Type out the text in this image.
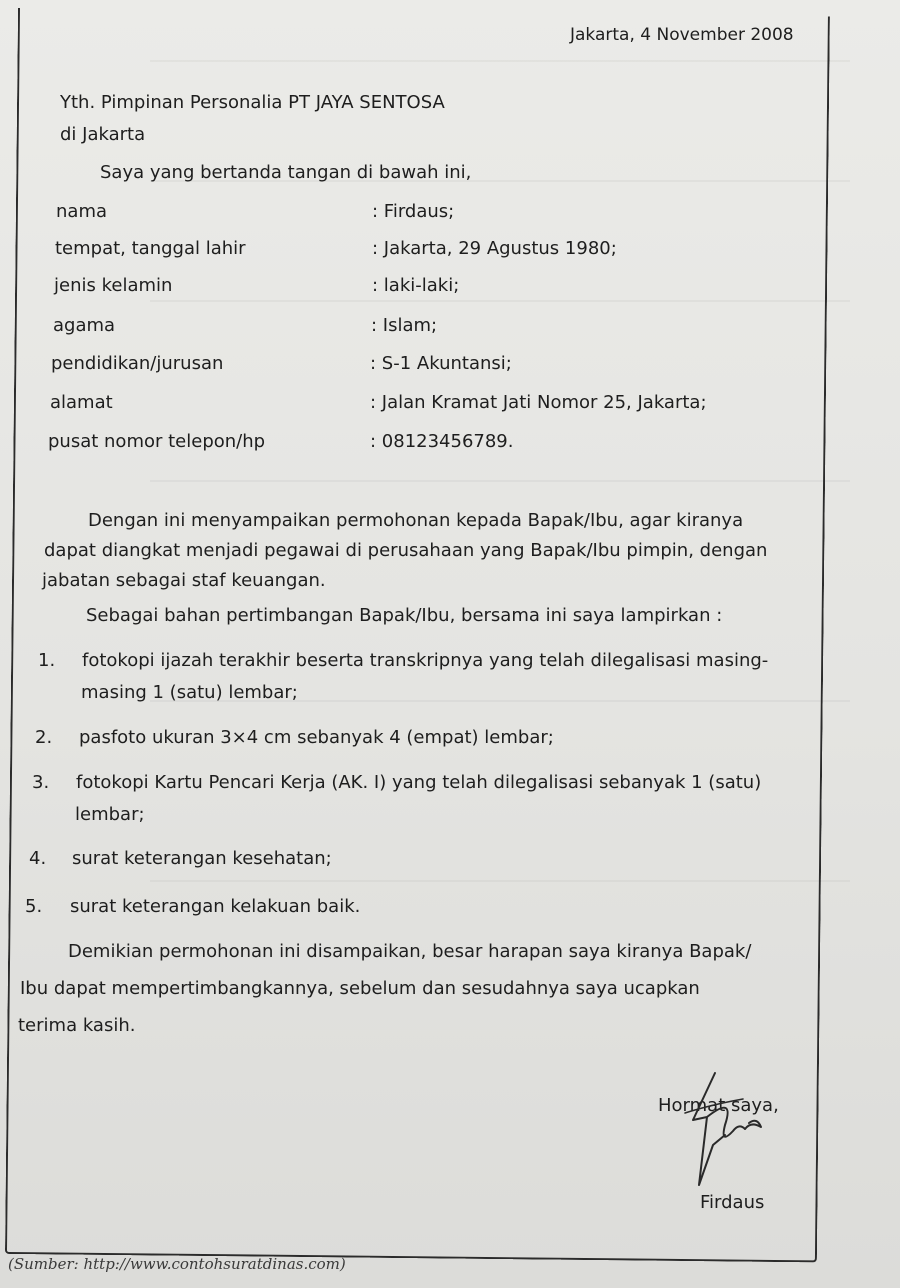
Jakarta, 4 November 2008
Yth. Pimpinan Personalia PT JAYA SENTOSA
di Jakarta
Saya yang bertanda tangan di bawah ini,
nama	: Firdaus;
tempat, tanggal lahir	: Jakarta, 29 Agustus 1980;
jenis kelamin	: laki-laki;
agama	: Islam;
pendidikan/jurusan	: S-1 Akuntansi;
alamat	: Jalan Kramat Jati Nomor 25, Jakarta;
pusat nomor telepon/hp	: 08123456789.
Dengan ini menyampaikan permohonan kepada Bapak/Ibu, agar kiranya
dapat diangkat menjadi pegawai di perusahaan yang Bapak/Ibu pimpin, dengan
jabatan sebagai staf keuangan.
Sebagai bahan pertimbangan Bapak/Ibu, bersama ini saya lampirkan :
1. fotokopi ijazah terakhir beserta transkripnya yang telah dilegalisasi masing-
masing 1 (satu) lembar;
2. pasfoto ukuran 3×4 cm sebanyak 4 (empat) lembar;
3. fotokopi Kartu Pencari Kerja (AK. I) yang telah dilegalisasi sebanyak 1 (satu)
lembar;
4. surat keterangan kesehatan;
5. surat keterangan kelakuan baik.
Demikian permohonan ini disampaikan, besar harapan saya kiranya Bapak/
Ibu dapat mempertimbangkannya, sebelum dan sesudahnya saya ucapkan
terima kasih.
Hormat saya,
Firdaus
(Sumber: http://www.contohsuratdinas.com)
